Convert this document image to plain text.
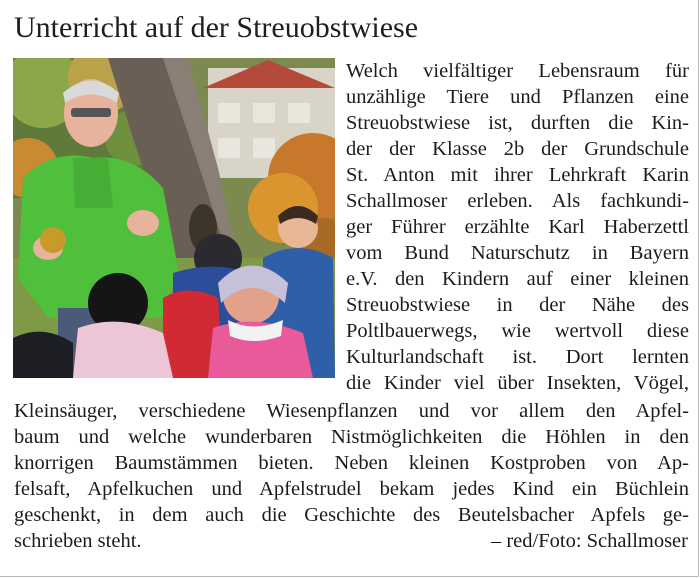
Unterricht auf der Streuobstwiese
Welch vielfältiger Lebensraum für
unzählige Tiere und Pflanzen eine
Streuobstwiese ist, durften die Kin-
der der Klasse 2b der Grundschule
St. Anton mit ihrer Lehrkraft Karin
Schallmoser erleben. Als fachkundi-
ger Führer erzählte Karl Haberzettl
vom Bund Naturschutz in Bayern
e.V. den Kindern auf einer kleinen
Streuobstwiese in der Nähe des
Poltlbauerwegs, wie wertvoll diese
Kulturlandschaft ist. Dort lernten
die Kinder viel über Insekten, Vögel,
Kleinsäuger, verschiedene Wiesenpflanzen und vor allem den Apfel-
baum und welche wunderbaren Nistmöglichkeiten die Höhlen in den
knorrigen Baumstämmen bieten. Neben kleinen Kostproben von Ap-
felsaft, Apfelkuchen und Apfelstrudel bekam jedes Kind ein Büchlein
geschenkt, in dem auch die Geschichte des Beutelsbacher Apfels ge-
schrieben steht.	– red/Foto: Schallmoser
